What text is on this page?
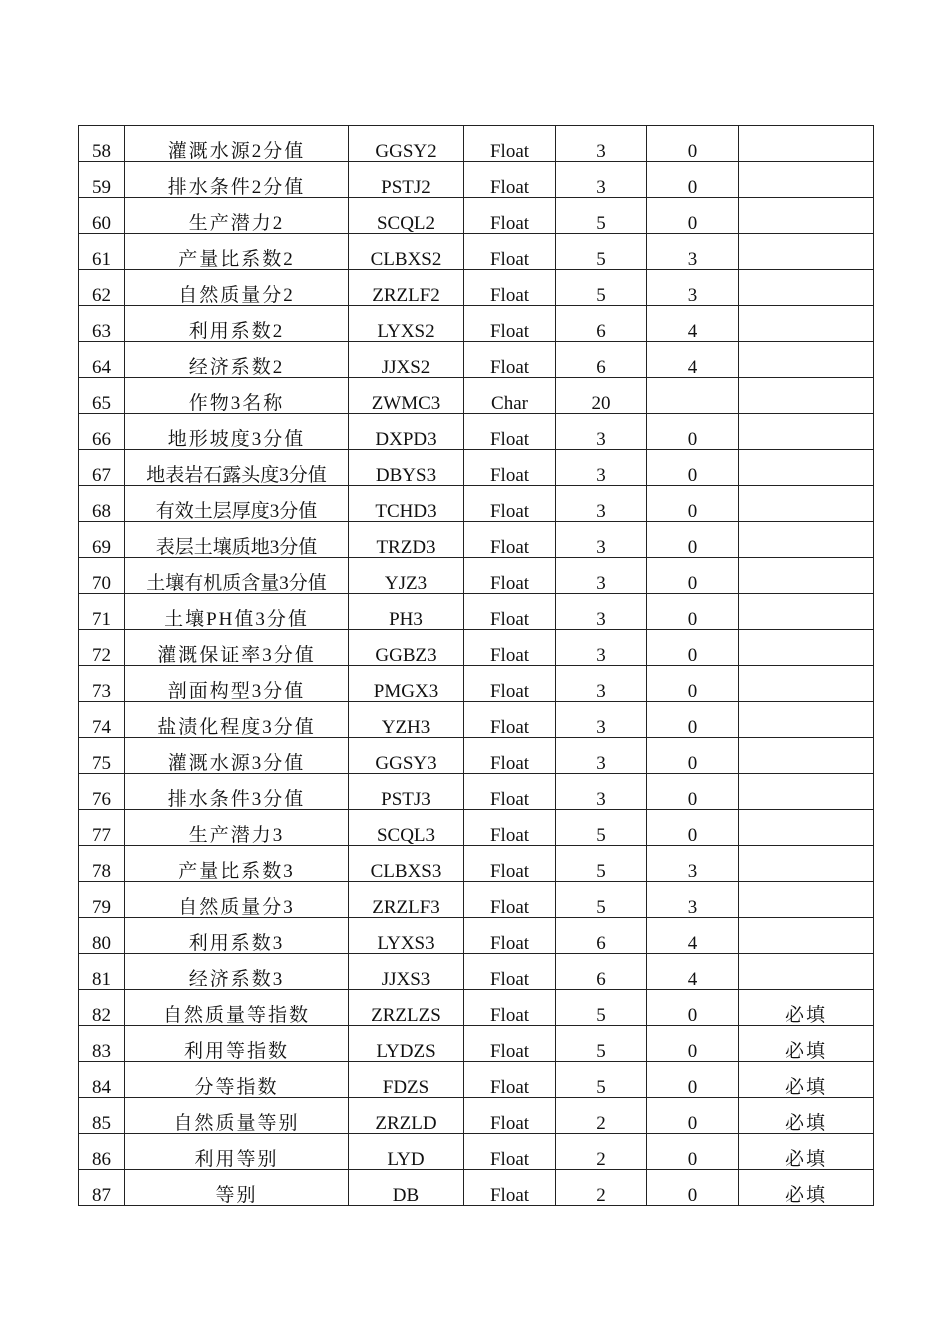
58	灌溉水源2分值	GGSY2	Float	3	0	
59	排水条件2分值	PSTJ2	Float	3	0	
60	生产潜力2	SCQL2	Float	5	0	
61	产量比系数2	CLBXS2	Float	5	3	
62	自然质量分2	ZRZLF2	Float	5	3	
63	利用系数2	LYXS2	Float	6	4	
64	经济系数2	JJXS2	Float	6	4	
65	作物3名称	ZWMC3	Char	20		
66	地形坡度3分值	DXPD3	Float	3	0	
67	地表岩石露头度3分值	DBYS3	Float	3	0	
68	有效土层厚度3分值	TCHD3	Float	3	0	
69	表层土壤质地3分值	TRZD3	Float	3	0	
70	土壤有机质含量3分值	YJZ3	Float	3	0	
71	土壤PH值3分值	PH3	Float	3	0	
72	灌溉保证率3分值	GGBZ3	Float	3	0	
73	剖面构型3分值	PMGX3	Float	3	0	
74	盐渍化程度3分值	YZH3	Float	3	0	
75	灌溉水源3分值	GGSY3	Float	3	0	
76	排水条件3分值	PSTJ3	Float	3	0	
77	生产潜力3	SCQL3	Float	5	0	
78	产量比系数3	CLBXS3	Float	5	3	
79	自然质量分3	ZRZLF3	Float	5	3	
80	利用系数3	LYXS3	Float	6	4	
81	经济系数3	JJXS3	Float	6	4	
82	自然质量等指数	ZRZLZS	Float	5	0	必填
83	利用等指数	LYDZS	Float	5	0	必填
84	分等指数	FDZS	Float	5	0	必填
85	自然质量等别	ZRZLD	Float	2	0	必填
86	利用等别	LYD	Float	2	0	必填
87	等别	DB	Float	2	0	必填
